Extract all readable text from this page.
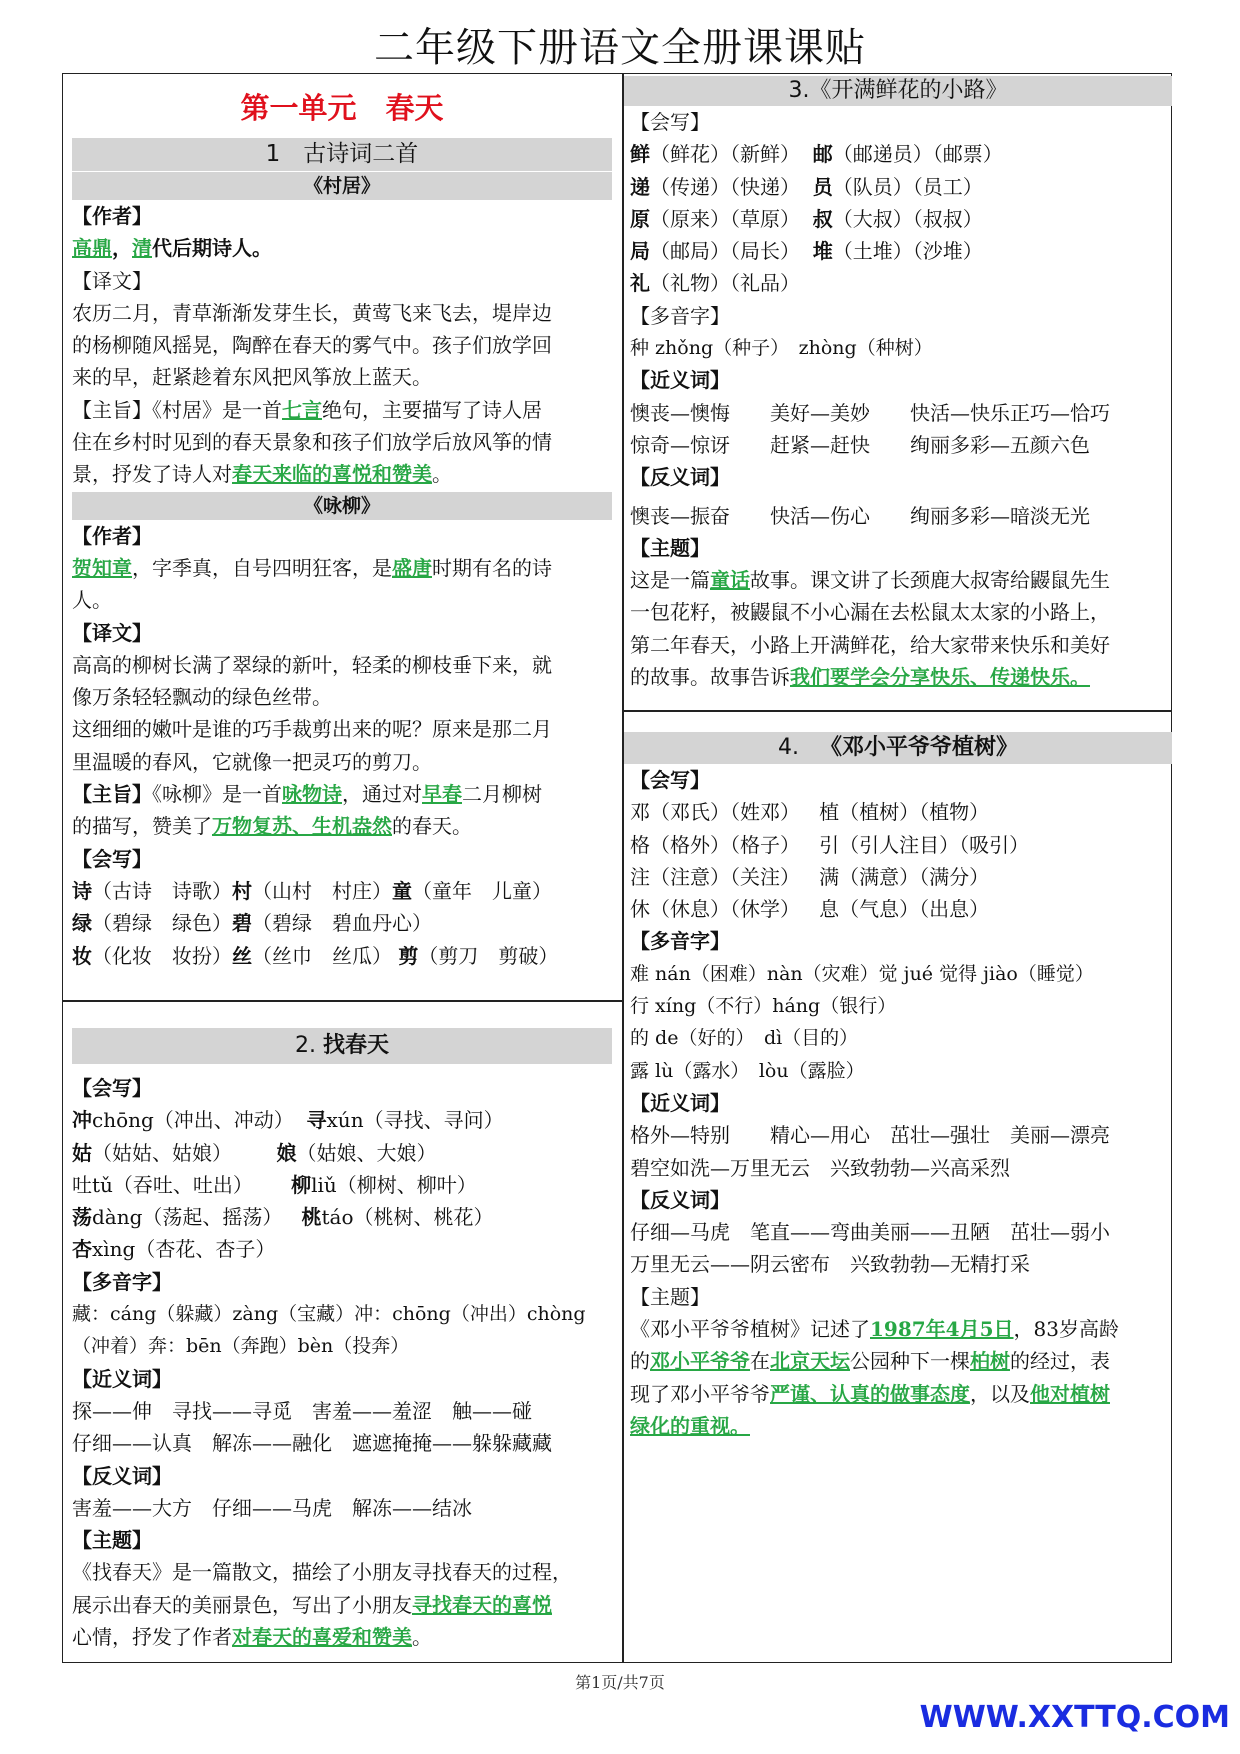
二年级下册语文全册课课贴
第一单元　春天
1　古诗词二首
《村居》
【作者】
高鼎，清代后期诗人。
【译文】
农历二月，青草渐渐发芽生长，黄莺飞来飞去，堤岸边
的杨柳随风摇晃，陶醉在春天的雾气中。孩子们放学回
来的早，赶紧趁着东风把风筝放上蓝天。
【主旨】《村居》是一首七言绝句，主要描写了诗人居
住在乡村时见到的春天景象和孩子们放学后放风筝的情
景，抒发了诗人对春天来临的喜悦和赞美。
《咏柳》
【作者】
贺知章，字季真，自号四明狂客，是盛唐时期有名的诗
人。
【译文】
高高的柳树长满了翠绿的新叶，轻柔的柳枝垂下来，就
像万条轻轻飘动的绿色丝带。
这细细的嫩叶是谁的巧手裁剪出来的呢？原来是那二月
里温暖的春风，它就像一把灵巧的剪刀。
【主旨】《咏柳》是一首咏物诗，通过对早春二月柳树
的描写，赞美了万物复苏、生机盎然的春天。
【会写】
诗（古诗　诗歌）村（山村　村庄）童（童年　儿童）
绿（碧绿　绿色）碧（碧绿　碧血丹心）
妆（化妆　妆扮）丝（丝巾　丝瓜） 剪（剪刀　剪破）
2. 找春天
【会写】
冲chōng（冲出、冲动） 寻xún（寻找、寻问）
姑（姑姑、姑娘） 娘（姑娘、大娘）
吐tǔ（吞吐、吐出） 柳liǔ（柳树、柳叶）
荡dàng（荡起、摇荡） 桃táo（桃树、桃花）
杏xìng（杏花、杏子）
【多音字】
藏：cáng（躲藏）zàng（宝藏）冲：chōng（冲出）chòng
（冲着）奔：bēn（奔跑）bèn（投奔）
【近义词】
探——伸　寻找——寻觅　害羞——羞涩　触——碰
仔细——认真　解冻——融化　遮遮掩掩——躲躲藏藏
【反义词】
害羞——大方　仔细——马虎　解冻——结冰
【主题】
《找春天》是一篇散文，描绘了小朋友寻找春天的过程，
展示出春天的美丽景色，写出了小朋友寻找春天的喜悦
心情，抒发了作者对春天的喜爱和赞美。
3.《开满鲜花的小路》
【会写】
鲜（鲜花）（新鲜） 邮（邮递员）（邮票）
递（传递）（快递） 员（队员）（员工）
原（原来）（草原） 叔（大叔）（叔叔）
局（邮局）（局长） 堆（土堆）（沙堆）
礼（礼物）（礼品）
【多音字】
种 zhǒng（种子）　zhòng（种树）
【近义词】
懊丧—懊悔　　美好—美妙　　快活—快乐正巧—恰巧
惊奇—惊讶　　赶紧—赶快　　绚丽多彩—五颜六色
【反义词】
懊丧—振奋　　快活—伤心　　绚丽多彩—暗淡无光
【主题】
这是一篇童话故事。课文讲了长颈鹿大叔寄给鼹鼠先生
一包花籽，被鼹鼠不小心漏在去松鼠太太家的小路上，
第二年春天，小路上开满鲜花，给大家带来快乐和美好
的故事。故事告诉我们要学会分享快乐、传递快乐。
4. 《邓小平爷爷植树》
【会写】
邓（邓氏）（姓邓） 植（植树）（植物）
格（格外）（格子） 引（引人注目）（吸引）
注（注意）（关注） 满（满意）（满分）
休（休息）（休学） 息（气息）（出息）
【多音字】
难 nán（困难）nàn（灾难）觉 jué 觉得 jiào（睡觉）
行 xíng（不行）háng（银行）
的 de（好的）　dì（目的）
露 lù（露水）　lòu（露脸）
【近义词】
格外—特别　　精心—用心　茁壮—强壮　美丽—漂亮
碧空如洗—万里无云　兴致勃勃—兴高采烈
【反义词】
仔细—马虎　笔直——弯曲美丽——丑陋　茁壮—弱小
万里无云——阴云密布　兴致勃勃—无精打采
【主题】
《邓小平爷爷植树》记述了1987年4月5日，83岁高龄
的邓小平爷爷在北京天坛公园种下一棵柏树的经过，表
现了邓小平爷爷严谨、认真的做事态度，以及他对植树
绿化的重视。
第1页/共7页
WWW.XXTTQ.COM
